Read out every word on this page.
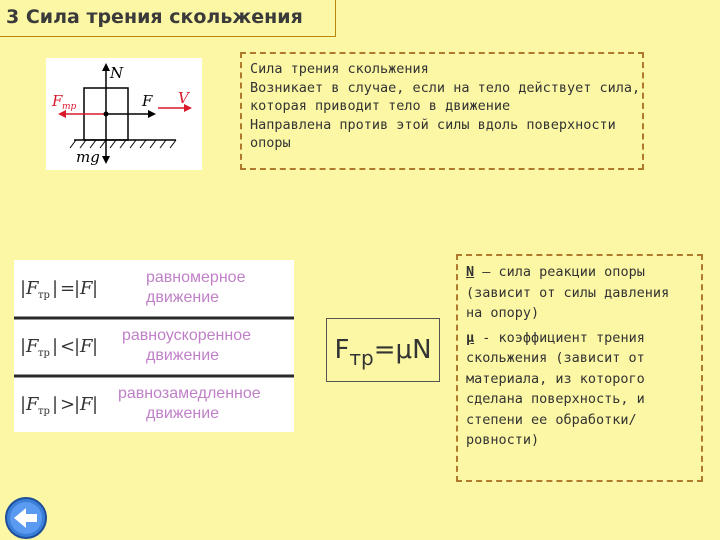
3 Сила трения скольжения
N
F V
F тр
mg
Сила трения скольжения
Возникает в случае, если на тело действует сила,
которая приводит тело в движение
Направлена против этой силы вдоль поверхности
опоры
| F тр | =
| F |
равномерное
движение
| F тр | <
| F |
равноускоренное
движение
| F тр | >
| F |
равнозамедленное
движение
F тр =μN

N – сила реакции опоры (зависит от силы давления на опору)

μ - коэффициент трения скольжения (зависит от материала, из которого сделана поверхность, и степени ее обработки/ровности)
